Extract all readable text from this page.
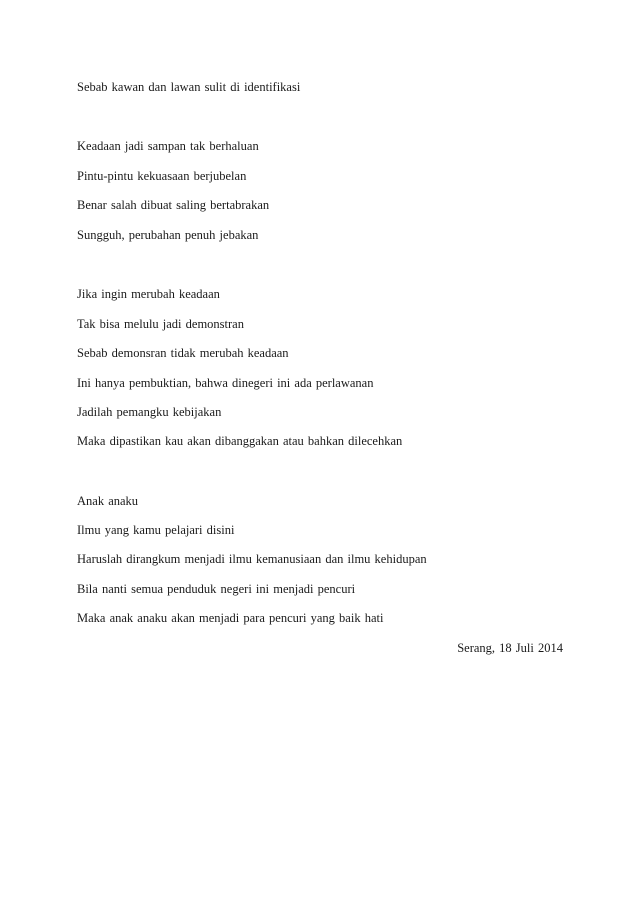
Sebab kawan dan lawan sulit di identifikasi
Keadaan jadi sampan tak berhaluan
Pintu-pintu kekuasaan berjubelan
Benar salah dibuat saling bertabrakan
Sungguh, perubahan penuh jebakan
Jika ingin merubah keadaan
Tak bisa melulu jadi demonstran
Sebab demonsran tidak merubah keadaan
Ini hanya pembuktian, bahwa dinegeri ini ada perlawanan
Jadilah pemangku kebijakan
Maka dipastikan kau akan dibanggakan atau bahkan dilecehkan
Anak anaku
Ilmu yang kamu pelajari disini
Haruslah dirangkum menjadi ilmu kemanusiaan dan ilmu kehidupan
Bila nanti semua penduduk negeri ini menjadi pencuri
Maka anak anaku akan menjadi para pencuri yang baik hati
Serang, 18 Juli 2014
